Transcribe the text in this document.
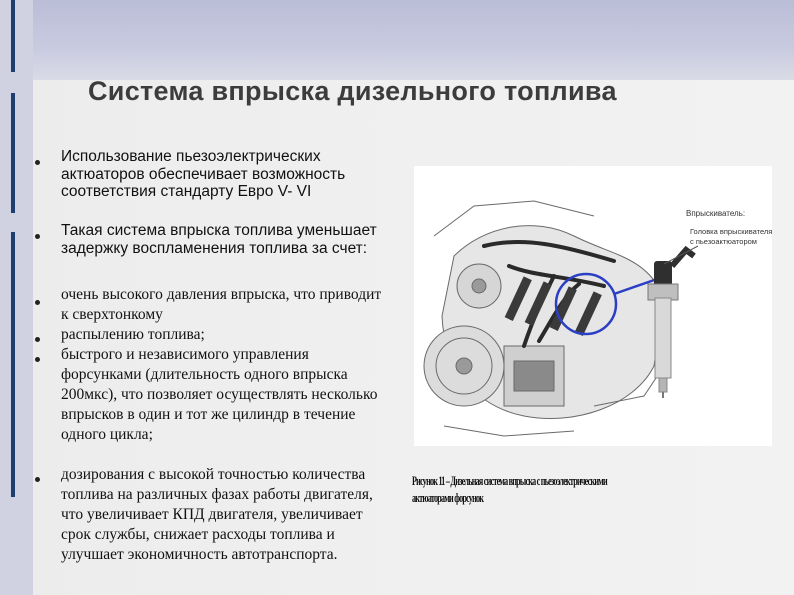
Система впрыска дизельного топлива
Использование пьезоэлектрических актюаторов обеспечивает возможность соответствия стандарту Евро V- VI
Такая система впрыска топлива уменьшает задержку воспламенения топлива за счет:
очень высокого давления впрыска, что приводит к сверхтонкому
распылению топлива;
быстрого и независимого управления форсунками (длительность одного впрыска 200мкс), что позволяет осуществлять несколько впрысков в один и тот же цилиндр в течение одного цикла;
дозирования с высокой точностью количества топлива на различных фазах работы двигателя, что увеличивает КПД двигателя, увеличивает срок службы, снижает расходы топлива и улучшает экономичность автотранспорта.
Впрыскиватель:
Головка впрыскивателя
с пьезоактюатором
Рисунок 11 – Дизельная система впрыска с пьезоэлектрическими
актюаторами форсунок
